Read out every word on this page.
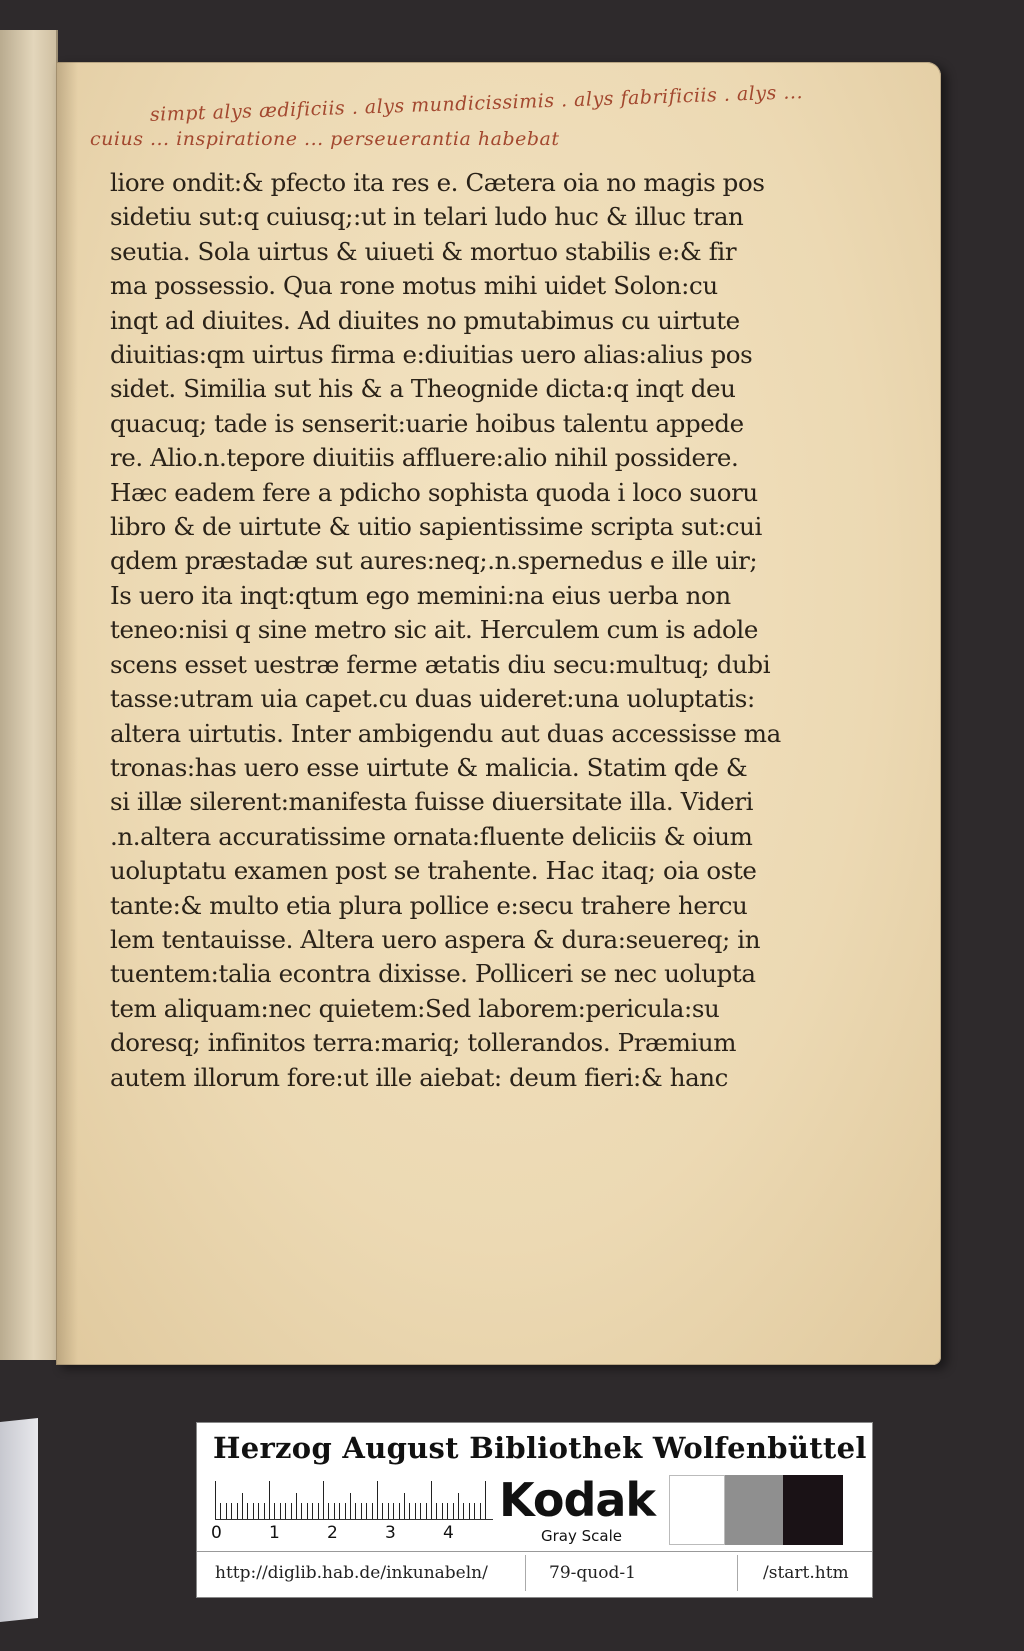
simpt alys ædificiis . alys mundicissimis . alys fabrificiis . alys ...
cuius ... inspiratione ... perseuerantia habebat
liore ondit:& pfecto ita res e. Cætera oia no magis pos
sidetiu sut:q cuiusq;:ut in telari ludo huc & illuc tran
seutia. Sola uirtus & uiueti & mortuo stabilis e:& fir
ma possessio. Qua rone motus mihi uidet Solon:cu
inqt ad diuites. Ad diuites no pmutabimus cu uirtute
diuitias:qm uirtus firma e:diuitias uero alias:alius pos
sidet. Similia sut his & a Theognide dicta:q inqt deu
quacuq; tade is senserit:uarie hoibus talentu appede
re. Alio.n.tepore diuitiis affluere:alio nihil possidere.
Hæc eadem fere a pdicho sophista quoda i loco suoru
libro & de uirtute & uitio sapientissime scripta sut:cui
qdem præstadæ sut aures:neq;.n.spernedus e ille uir;
Is uero ita inqt:qtum ego memini:na eius uerba non
teneo:nisi q sine metro sic ait. Herculem cum is adole
scens esset uestræ ferme ætatis diu secu:multuq; dubi
tasse:utram uia capet.cu duas uideret:una uoluptatis:
altera uirtutis. Inter ambigendu aut duas accessisse ma
tronas:has uero esse uirtute & malicia. Statim qde &
si illæ silerent:manifesta fuisse diuersitate illa. Videri
.n.altera accuratissime ornata:fluente deliciis & oium
uoluptatu examen post se trahente. Hac itaq; oia oste
tante:& multo etia plura pollice e:secu trahere hercu
lem tentauisse. Altera uero aspera & dura:seuereq; in
tuentem:talia econtra dixisse. Polliceri se nec uolupta
tem aliquam:nec quietem:Sed laborem:pericula:su
doresq; infinitos terra:mariq; tollerandos. Præmium
autem illorum fore:ut ille aiebat: deum fieri:& hanc
Herzog August Bibliothek Wolfenbüttel
0	1	2	3	4
Kodak
Gray Scale
http://diglib.hab.de/inkunabeln/	79-quod-1	/start.htm
